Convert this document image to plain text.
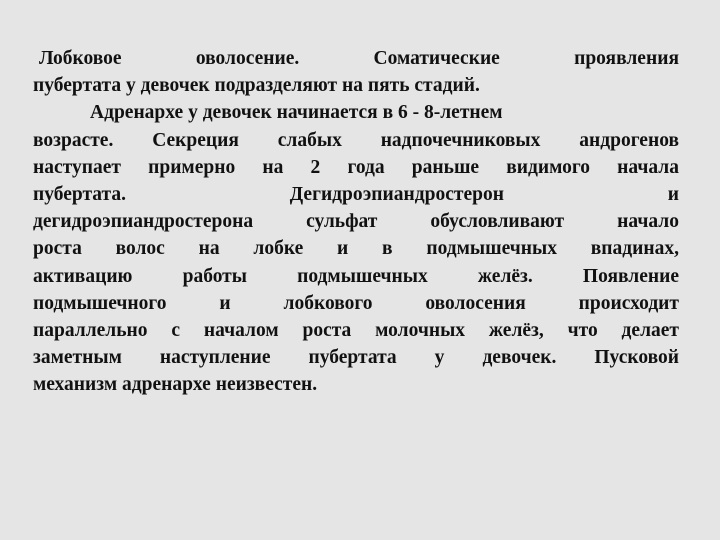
Лобковое оволосение. Соматические проявления
пубертата у девочек подразделяют на пять стадий.
Адренархе у девочек начинается в 6 - 8-летнем
возрасте. Секреция слабых надпочечниковых андрогенов
наступает примерно на 2 года раньше видимого начала
пубертата. Дегидроэпиандростерон и
дегидроэпиандростерона сульфат обусловливают начало
роста волос на лобке и в подмышечных впадинах,
активацию работы подмышечных желёз. Появление
подмышечного и лобкового оволосения происходит
параллельно с началом роста молочных желёз, что делает
заметным наступление пубертата у девочек. Пусковой
механизм адренархе неизвестен.
